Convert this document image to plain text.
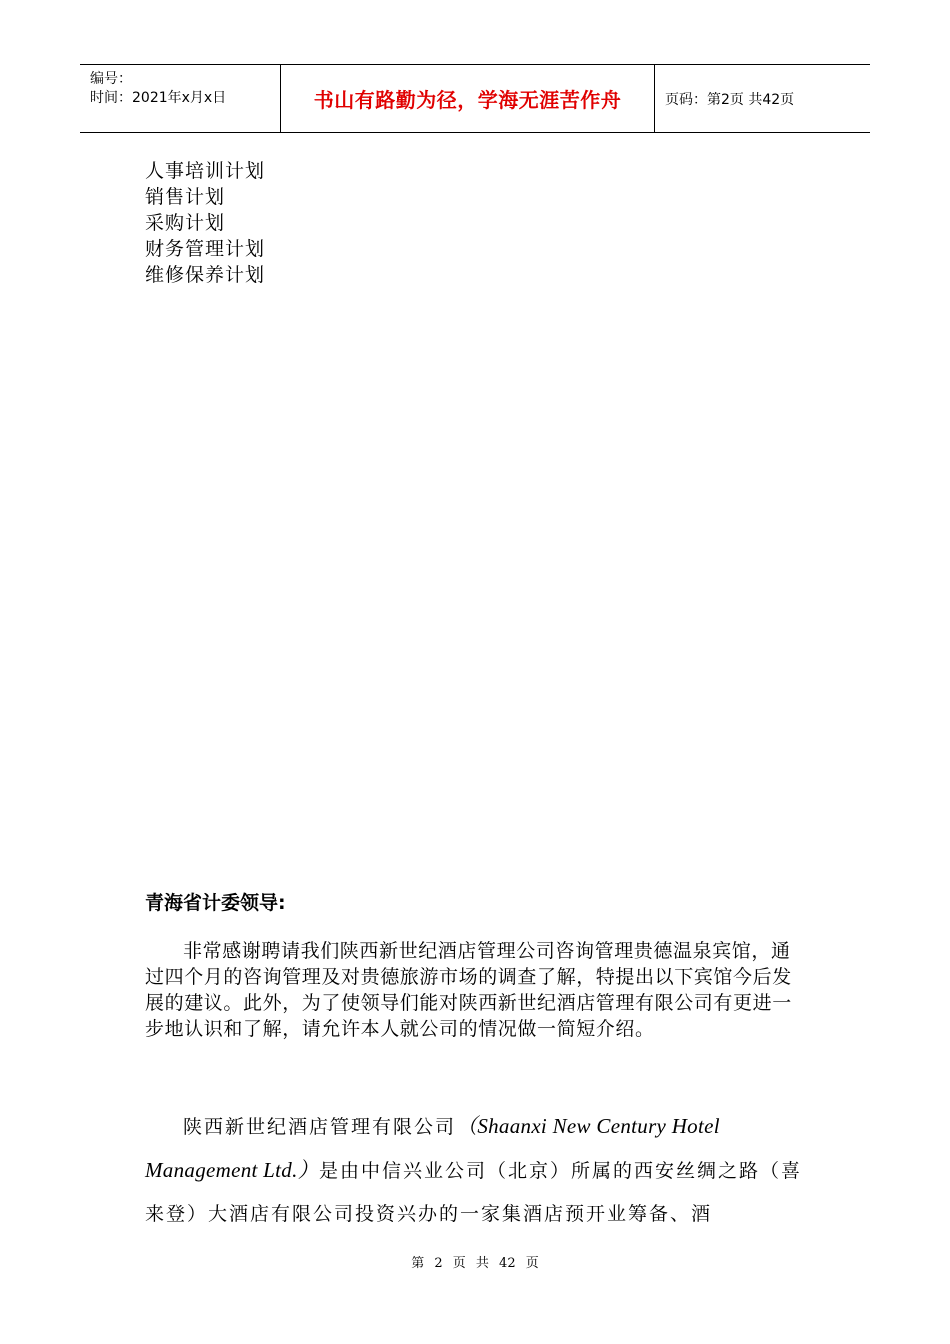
编号：
时间：2021年x月x日	书山有路勤为径，学海无涯苦作舟	页码：第2页 共42页
人事培训计划
销售计划
采购计划
财务管理计划
维修保养计划
青海省计委领导:
非常感谢聘请我们陕西新世纪酒店管理公司咨询管理贵德温泉宾馆，通过四个月的咨询管理及对贵德旅游市场的调查了解，特提出以下宾馆今后发展的建议。此外，为了使领导们能对陕西新世纪酒店管理有限公司有更进一步地认识和了解，请允许本人就公司的情况做一简短介绍。
陕西新世纪酒店管理有限公司（Shaanxi New Century Hotel Management Ltd.）是由中信兴业公司（北京）所属的西安丝绸之路（喜来登）大酒店有限公司投资兴办的一家集酒店预开业筹备、酒
第 2 页 共 42 页
